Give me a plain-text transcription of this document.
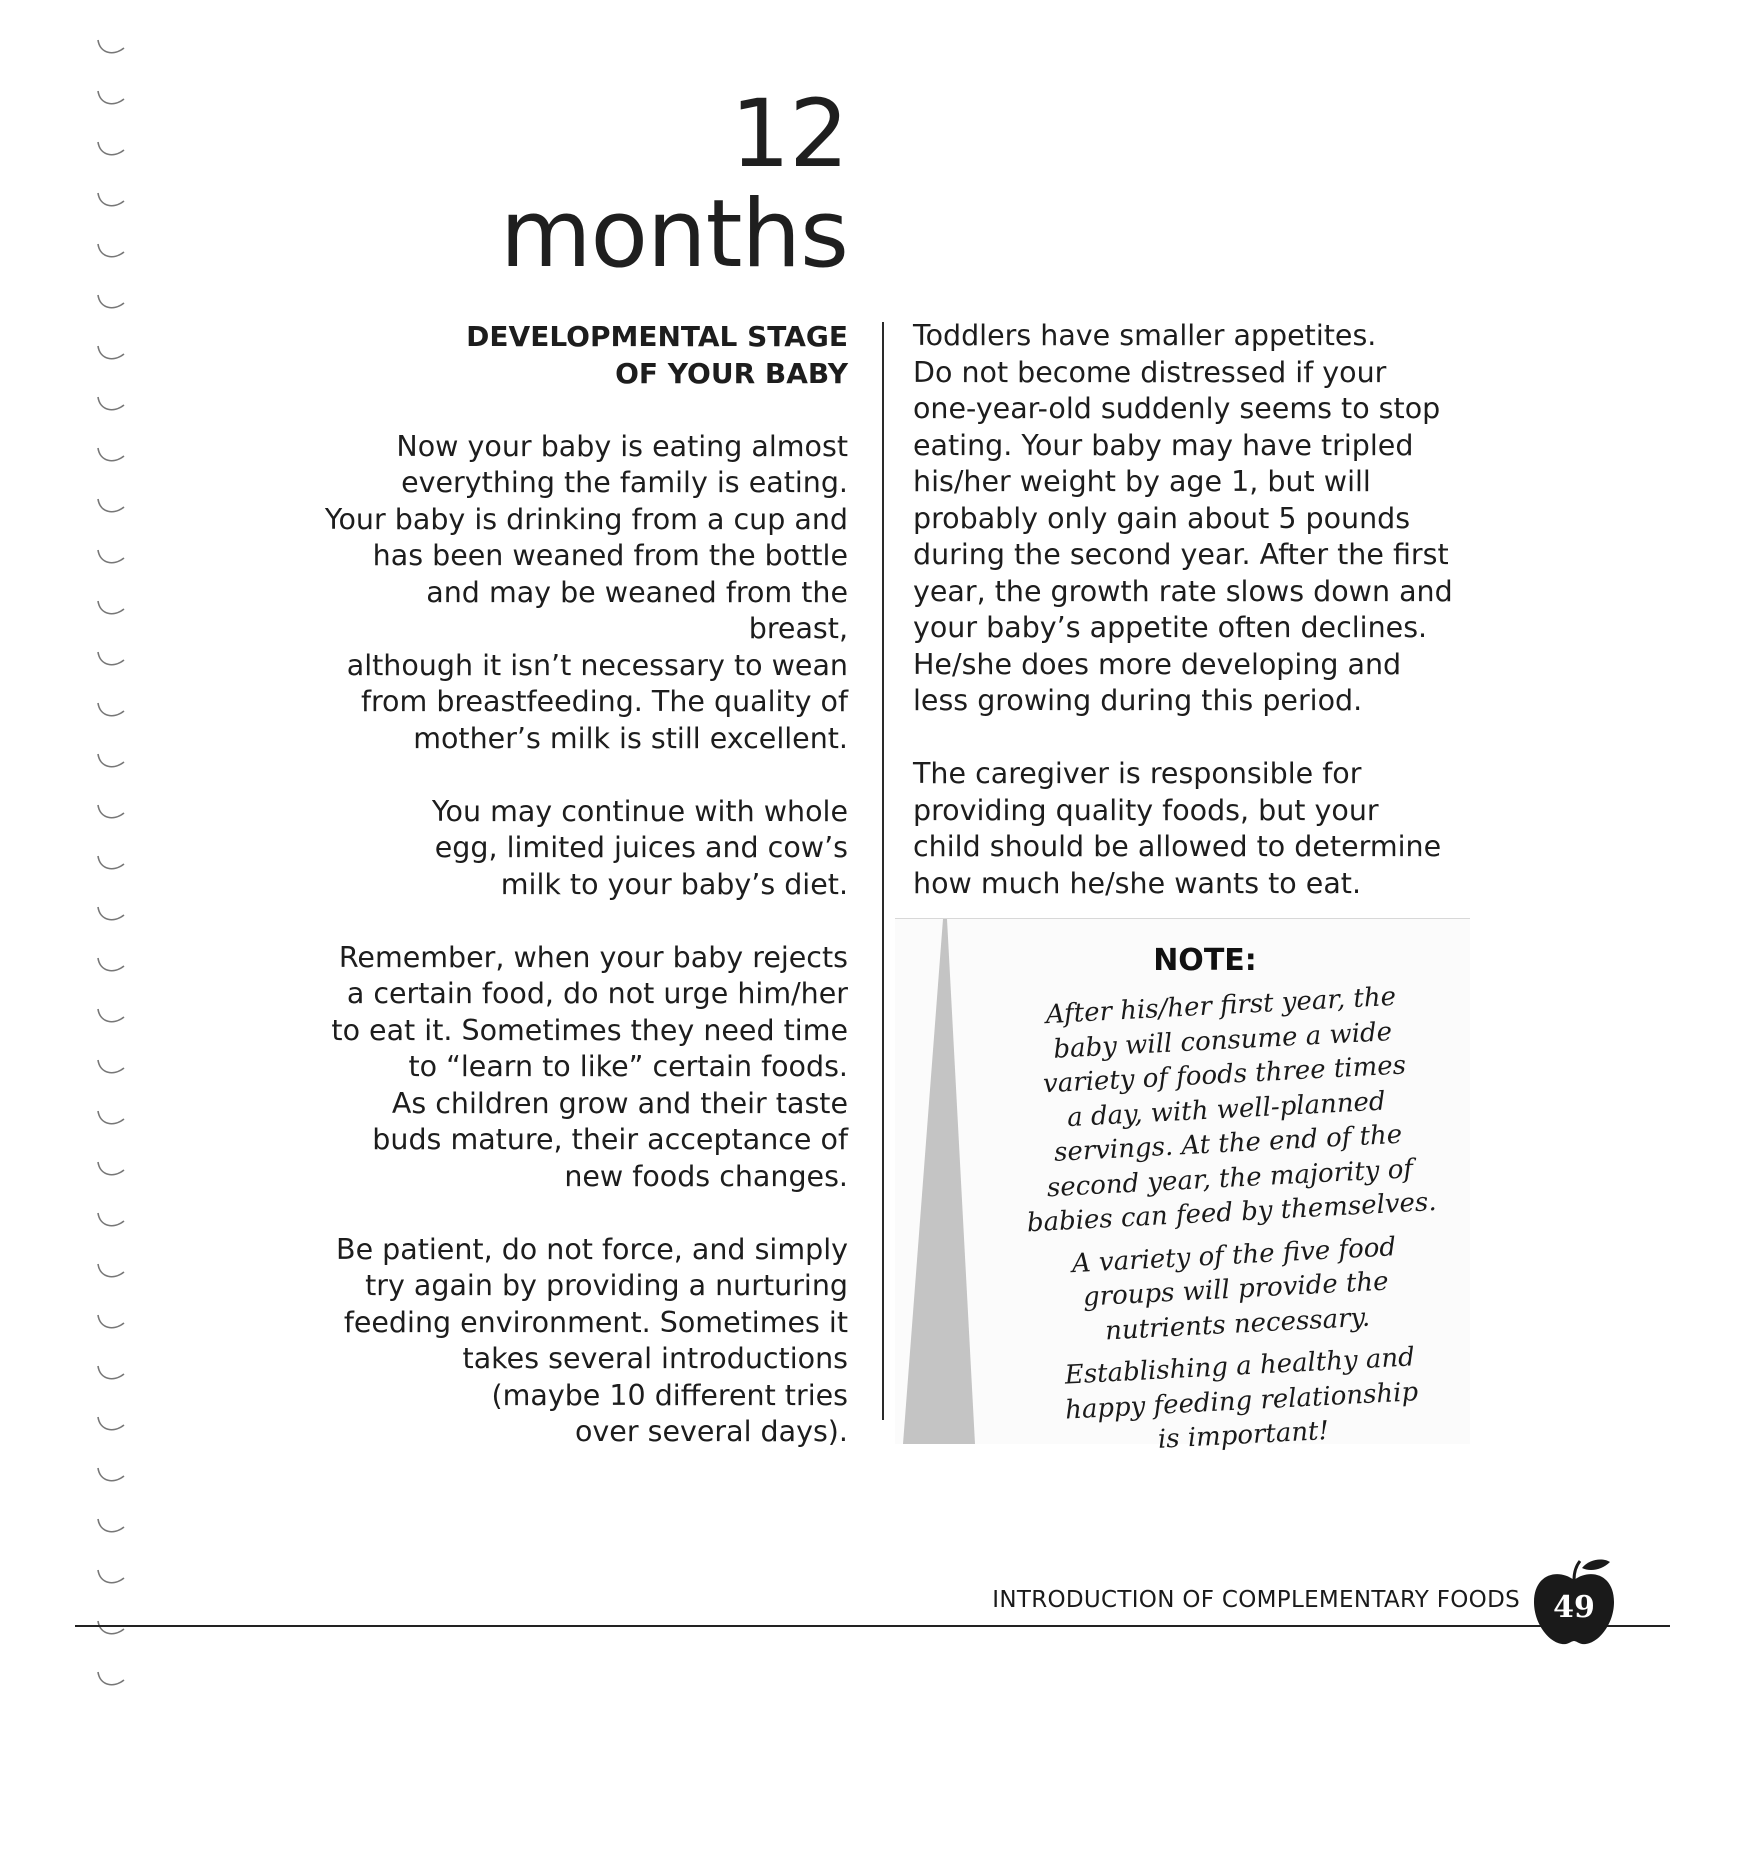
12
months
DEVELOPMENTAL STAGE
OF YOUR BABY

Now your baby is eating almost
everything the family is eating.
Your baby is drinking from a cup and
has been weaned from the bottle
and may be weaned from the breast,
although it isn’t necessary to wean
from breastfeeding. The quality of
mother’s milk is still excellent.

You may continue with whole
egg, limited juices and cow’s
milk to your baby’s diet.

Remember, when your baby rejects
a certain food, do not urge him/her
to eat it. Sometimes they need time
to “learn to like” certain foods.
As children grow and their taste
buds mature, their acceptance of
new foods changes.

Be patient, do not force, and simply
try again by providing a nurturing
feeding environment. Sometimes it
takes several introductions
(maybe 10 different tries
over several days).

Toddlers have smaller appetites.
Do not become distressed if your
one-year-old suddenly seems to stop
eating. Your baby may have tripled
his/her weight by age 1, but will
probably only gain about 5 pounds
during the second year. After the first
year, the growth rate slows down and
your baby’s appetite often declines.
He/she does more developing and
less growing during this period.

The caregiver is responsible for
providing quality foods, but your
child should be allowed to determine
how much he/she wants to eat.

NOTE:

After his/her first year, the
baby will consume a wide
variety of foods three times
a day, with well-planned
servings. At the end of the
second year, the majority of
babies can feed by themselves.

A variety of the five food
groups will provide the
nutrients necessary.

Establishing a healthy and
happy feeding relationship
is important!

INTRODUCTION OF COMPLEMENTARY FOODS	49
